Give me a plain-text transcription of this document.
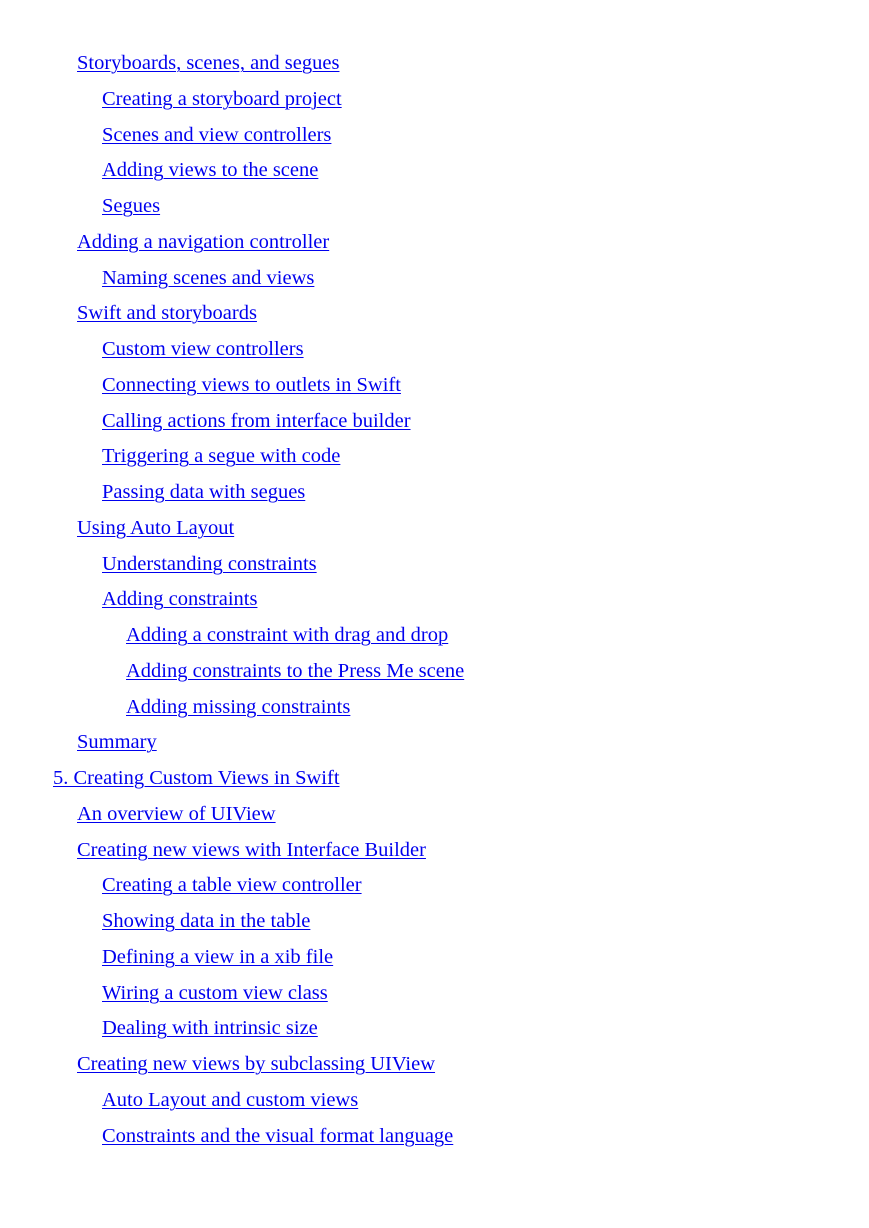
Storyboards, scenes, and segues
Creating a storyboard project
Scenes and view controllers
Adding views to the scene
Segues
Adding a navigation controller
Naming scenes and views
Swift and storyboards
Custom view controllers
Connecting views to outlets in Swift
Calling actions from interface builder
Triggering a segue with code
Passing data with segues
Using Auto Layout
Understanding constraints
Adding constraints
Adding a constraint with drag and drop
Adding constraints to the Press Me scene
Adding missing constraints
Summary
5. Creating Custom Views in Swift
An overview of UIView
Creating new views with Interface Builder
Creating a table view controller
Showing data in the table
Defining a view in a xib file
Wiring a custom view class
Dealing with intrinsic size
Creating new views by subclassing UIView
Auto Layout and custom views
Constraints and the visual format language
